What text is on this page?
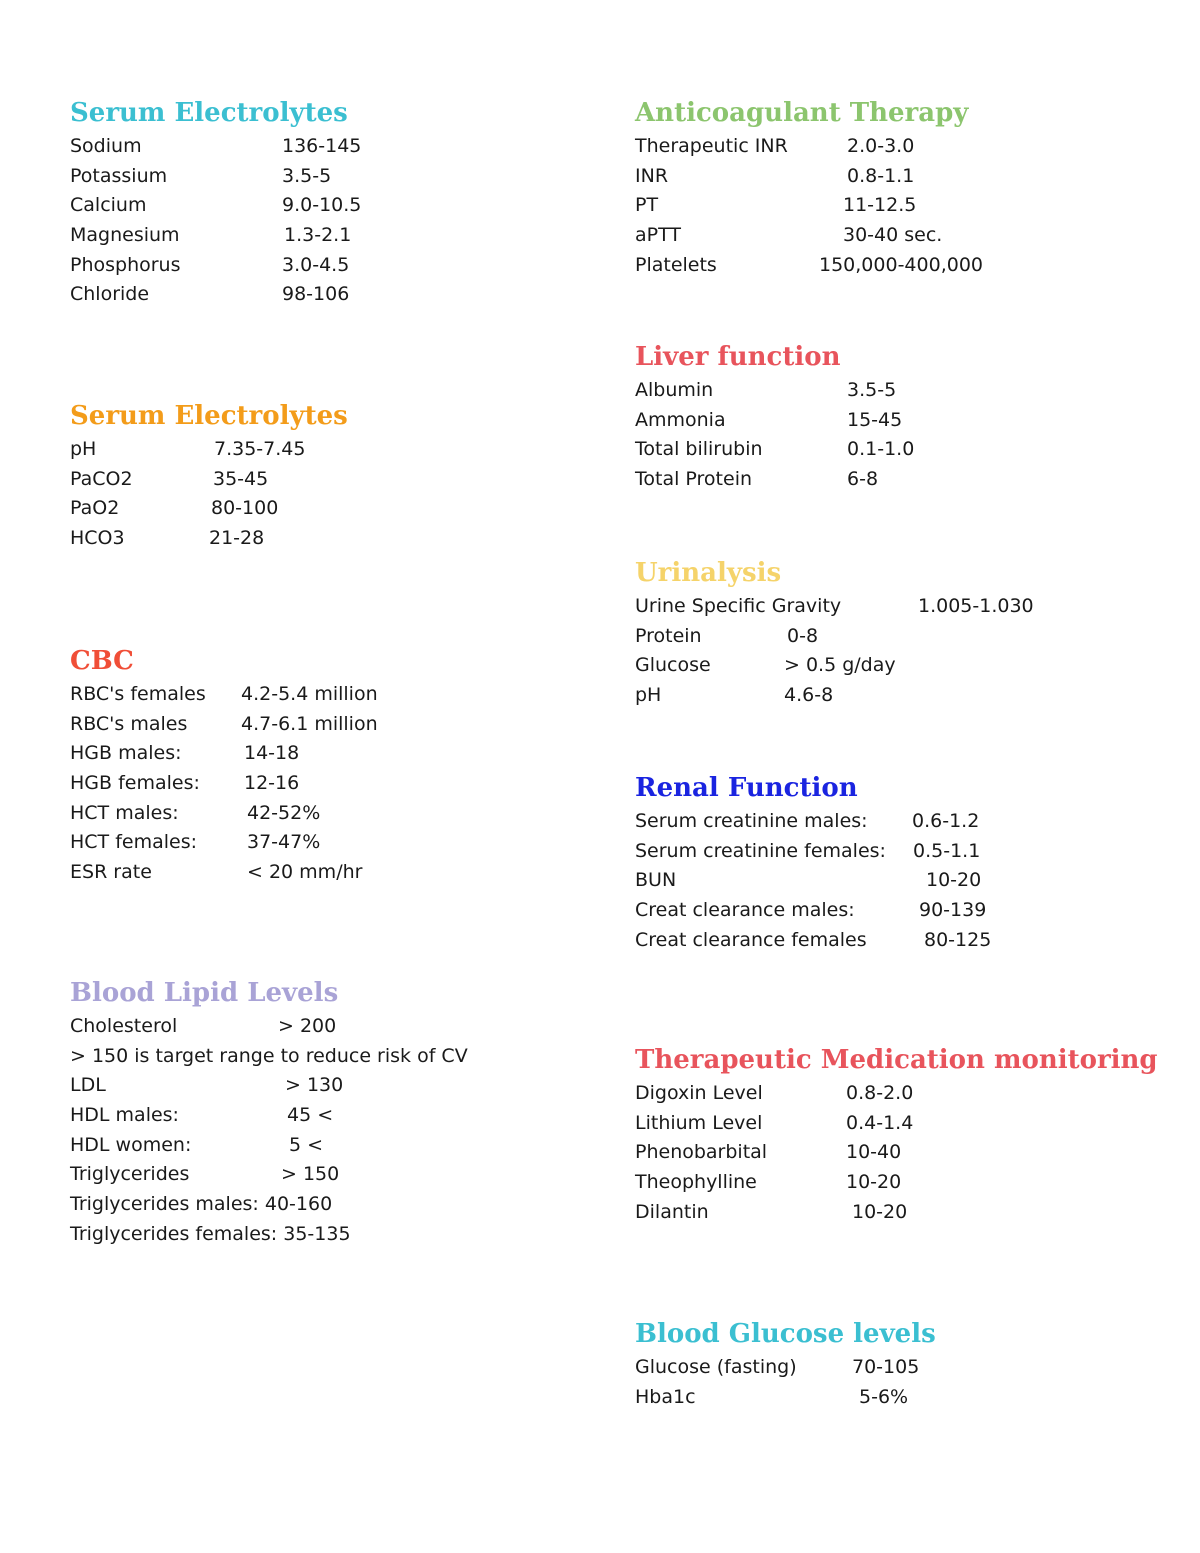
Serum Electrolytes
Sodium	136-145
Potassium	3.5-5
Calcium	9.0-10.5
Magnesium	1.3-2.1
Phosphorus	3.0-4.5
Chloride	98-106
Serum Electrolytes
pH	7.35-7.45
PaCO2	35-45
PaO2	80-100
HCO3	21-28
CBC
RBC's females 4.2-5.4 million
RBC's males	4.7-6.1 million
HGB males:	14-18
HGB females: 12-16
HCT males:	42-52%
HCT females:	37-47%
ESR rate	< 20 mm/hr
Blood Lipid Levels
Cholesterol	> 200
> 150 is target range to reduce risk of CV
LDL	> 130
HDL males:	45 <
HDL women:	5 <
Triglycerides	> 150
Triglycerides males: 40-160
Triglycerides females: 35-135
Anticoagulant Therapy
Therapeutic INR	2.0-3.0
INR	0.8-1.1
PT	11-12.5
aPTT	30-40 sec.
Platelets	150,000-400,000
Liver function
Albumin	3.5-5
Ammonia	15-45
Total bilirubin	0.1-1.0
Total Protein	6-8
Urinalysis
Urine Specific Gravity	1.005-1.030
Protein	0-8
Glucose	> 0.5 g/day
pH	4.6-8
Renal Function
Serum creatinine males: 0.6-1.2
Serum creatinine females: 0.5-1.1
BUN	10-20
Creat clearance males:	90-139
Creat clearance females	80-125
Therapeutic Medication monitoring
Digoxin Level	0.8-2.0
Lithium Level	0.4-1.4
Phenobarbital	10-40
Theophylline	10-20
Dilantin	10-20
Blood Glucose levels
Glucose (fasting)	70-105
Hba1c	5-6%
